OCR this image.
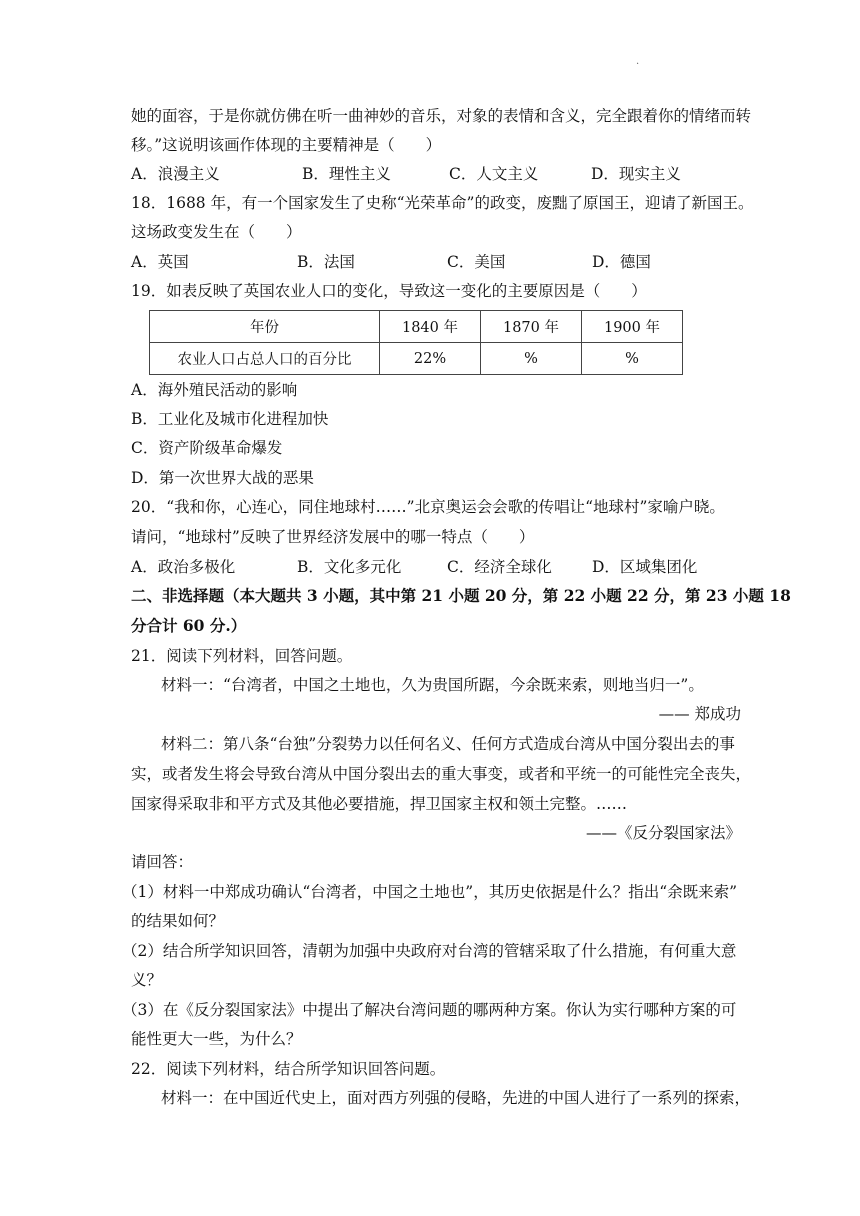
.
她的面容，于是你就仿佛在听一曲神妙的音乐，对象的表情和含义，完全跟着你的情绪而转
移。”这说明该画作体现的主要精神是（　　）
A．浪漫主义	B．理性主义	C．人文主义	D．现实主义
18．1688 年，有一个国家发生了史称“光荣革命”的政变，废黜了原国王，迎请了新国王。
这场政变发生在（　　）
A．英国	B．法国	C．美国	D．德国
19．如表反映了英国农业人口的变化，导致这一变化的主要原因是（　　）
年份	1840 年	1870 年	1900 年
农业人口占总人口的百分比	22%	%	%
A．海外殖民活动的影响
B．工业化及城市化进程加快
C．资产阶级革命爆发
D．第一次世界大战的恶果
20．“我和你，心连心，同住地球村……”北京奥运会会歌的传唱让“地球村”家喻户晓。
请问，“地球村”反映了世界经济发展中的哪一特点（　　）
A．政治多极化	B．文化多元化	C．经济全球化	D．区域集团化
二、非选择题（本大题共 3 小题，其中第 21 小题 20 分，第 22 小题 22 分，第 23 小题 18
分合计 60 分.）
21．阅读下列材料，回答问题。
材料一：“台湾者，中国之土地也，久为贵国所踞，今余既来索，则地当归一”。
—— 郑成功
材料二：第八条“台独”分裂势力以任何名义、任何方式造成台湾从中国分裂出去的事
实，或者发生将会导致台湾从中国分裂出去的重大事变，或者和平统一的可能性完全丧失，
国家得采取非和平方式及其他必要措施，捍卫国家主权和领土完整。……
——《反分裂国家法》
请回答：
（1）材料一中郑成功确认“台湾者，中国之土地也”，其历史依据是什么？指出“余既来索”
的结果如何？
（2）结合所学知识回答，清朝为加强中央政府对台湾的管辖采取了什么措施，有何重大意
义？
（3）在《反分裂国家法》中提出了解决台湾问题的哪两种方案。你认为实行哪种方案的可
能性更大一些，为什么？
22．阅读下列材料，结合所学知识回答问题。
材料一：在中国近代史上，面对西方列强的侵略，先进的中国人进行了一系列的探索，
